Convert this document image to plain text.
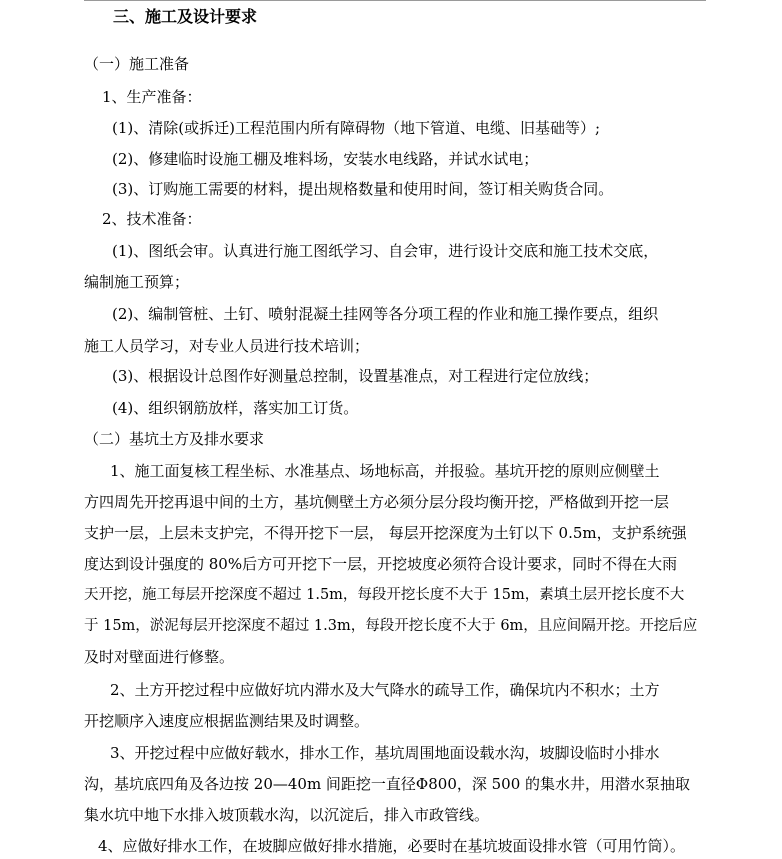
三、施工及设计要求
（一）施工准备
1、生产准备：
(1)、清除(或拆迁)工程范围内所有障碍物（地下管道、电缆、旧基础等）;
(2)、修建临时设施工棚及堆料场，安装水电线路，并试水试电；
(3)、订购施工需要的材料，提出规格数量和使用时间，签订相关购货合同。
2、技术准备：
(1)、图纸会审。认真进行施工图纸学习、自会审，进行设计交底和施工技术交底，
编制施工预算；
(2)、编制管桩、土钉、喷射混凝土挂网等各分项工程的作业和施工操作要点，组织
施工人员学习，对专业人员进行技术培训；
(3)、根据设计总图作好测量总控制，设置基准点，对工程进行定位放线；
(4)、组织钢筋放样，落实加工订货。
（二）基坑土方及排水要求
1、施工面复核工程坐标、水准基点、场地标高，并报验。基坑开挖的原则应侧壁土
方四周先开挖再退中间的土方，基坑侧壁土方必须分层分段均衡开挖，严格做到开挖一层
支护一层，上层未支护完，不得开挖下一层， 每层开挖深度为土钉以下 0.5m，支护系统强
度达到设计强度的 80%后方可开挖下一层，开挖坡度必须符合设计要求，同时不得在大雨
天开挖，施工每层开挖深度不超过 1.5m，每段开挖长度不大于 15m，素填土层开挖长度不大
于 15m，淤泥每层开挖深度不超过 1.3m，每段开挖长度不大于 6m，且应间隔开挖。开挖后应
及时对壁面进行修整。
2、土方开挖过程中应做好坑内滞水及大气降水的疏导工作，确保坑内不积水；土方
开挖顺序入速度应根据监测结果及时调整。
3、开挖过程中应做好载水，排水工作，基坑周围地面设载水沟，坡脚设临时小排水
沟，基坑底四角及各边按 20—40m 间距挖一直径Φ800，深 500 的集水井，用潜水泵抽取
集水坑中地下水排入坡顶载水沟，以沉淀后，排入市政管线。
4、应做好排水工作，在坡脚应做好排水措施，必要时在基坑坡面设排水管（可用竹筒）。
